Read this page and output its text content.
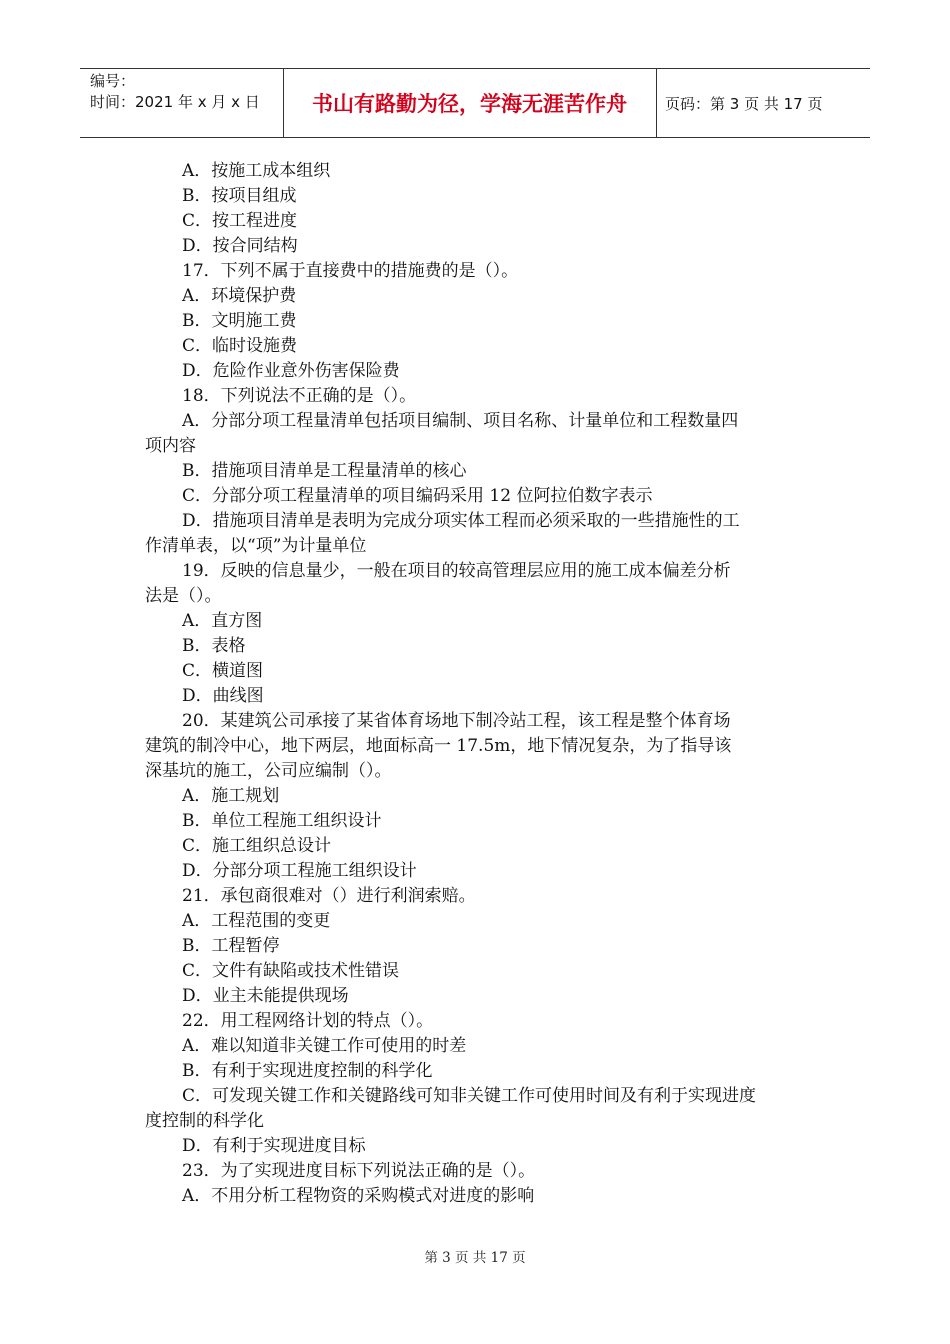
编号：
时间：2021 年 x 月 x 日	书山有路勤为径，学海无涯苦作舟	页码：第 3 页 共 17 页
A．按施工成本组织
B．按项目组成
C．按工程进度
D．按合同结构
17．下列不属于直接费中的措施费的是（）。
A．环境保护费
B．文明施工费
C．临时设施费
D．危险作业意外伤害保险费
18．下列说法不正确的是（）。
A．分部分项工程量清单包括项目编制、项目名称、计量单位和工程数量四
项内容
B．措施项目清单是工程量清单的核心
C．分部分项工程量清单的项目编码采用 12 位阿拉伯数字表示
D．措施项目清单是表明为完成分项实体工程而必须采取的一些措施性的工
作清单表，以“项”为计量单位
19．反映的信息量少，一般在项目的较高管理层应用的施工成本偏差分析
法是（）。
A．直方图
B．表格
C．横道图
D．曲线图
20．某建筑公司承接了某省体育场地下制冷站工程，该工程是整个体育场
建筑的制冷中心，地下两层，地面标高一 17.5m，地下情况复杂，为了指导该
深基坑的施工，公司应编制（）。
A．施工规划
B．单位工程施工组织设计
C．施工组织总设计
D．分部分项工程施工组织设计
21．承包商很难对（）进行利润索赔。
A．工程范围的变更
B．工程暂停
C．文件有缺陷或技术性错误
D．业主未能提供现场
22．用工程网络计划的特点（）。
A．难以知道非关键工作可使用的时差
B．有利于实现进度控制的科学化
C．可发现关键工作和关键路线可知非关键工作可使用时间及有利于实现进度
度控制的科学化
D．有利于实现进度目标
23．为了实现进度目标下列说法正确的是（）。
A．不用分析工程物资的采购模式对进度的影响
第 3 页 共 17 页
